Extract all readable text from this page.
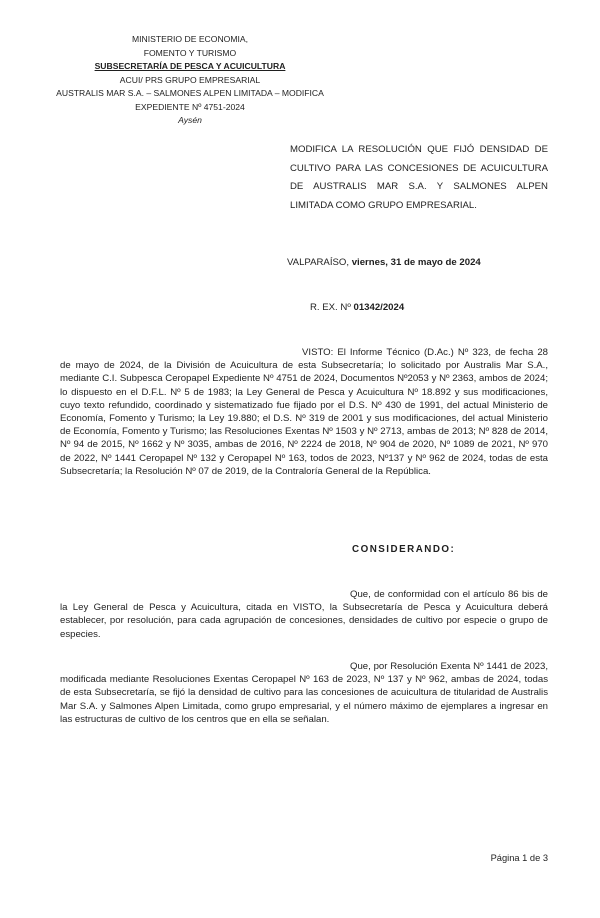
MINISTERIO DE ECONOMIA,
FOMENTO Y TURISMO
SUBSECRETARÍA DE PESCA Y ACUICULTURA
ACUI/ PRS GRUPO EMPRESARIAL
AUSTRALIS MAR S.A. – SALMONES ALPEN LIMITADA – MODIFICA
EXPEDIENTE Nº 4751-2024
Aysén

MODIFICA LA RESOLUCIÓN QUE FIJÓ DENSIDAD DE CULTIVO PARA LAS CONCESIONES DE ACUICULTURA DE AUSTRALIS MAR S.A. Y SALMONES ALPEN LIMITADA COMO GRUPO EMPRESARIAL.

VALPARAÍSO, viernes, 31 de mayo de 2024

R. EX. Nº 01342/2024

VISTO: El Informe Técnico (D.Ac.) Nº 323, de fecha 28 de mayo de 2024, de la División de Acuicultura de esta Subsecretaría; lo solicitado por Australis Mar S.A., mediante C.I. Subpesca Ceropapel Expediente Nº 4751 de 2024, Documentos Nº2053 y Nº 2363, ambos de 2024; lo dispuesto en el D.F.L. Nº 5 de 1983; la Ley General de Pesca y Acuicultura Nº 18.892 y sus modificaciones, cuyo texto refundido, coordinado y sistematizado fue fijado por el D.S. Nº 430 de 1991, del actual Ministerio de Economía, Fomento y Turismo; la Ley 19.880; el D.S. Nº 319 de 2001 y sus modificaciones, del actual Ministerio de Economía, Fomento y Turismo; las Resoluciones Exentas Nº 1503 y Nº 2713, ambas de 2013; Nº 828 de 2014, Nº 94 de 2015, Nº 1662 y Nº 3035, ambas de 2016, Nº 2224 de 2018, Nº 904 de 2020, Nº 1089 de 2021, Nº 970 de 2022, Nº 1441 Ceropapel Nº 132 y Ceropapel Nº 163, todos de 2023, Nº137 y Nº 962 de 2024, todas de esta Subsecretaría; la Resolución Nº 07 de 2019, de la Contraloría General de la República.

CONSIDERANDO:

Que, de conformidad con el artículo 86 bis de la Ley General de Pesca y Acuicultura, citada en VISTO, la Subsecretaría de Pesca y Acuicultura deberá establecer, por resolución, para cada agrupación de concesiones, densidades de cultivo por especie o grupo de especies.

Que, por Resolución Exenta Nº 1441 de 2023, modificada mediante Resoluciones Exentas Ceropapel Nº 163 de 2023, Nº 137 y Nº 962, ambas de 2024, todas de esta Subsecretaría, se fijó la densidad de cultivo para las concesiones de acuicultura de titularidad de Australis Mar S.A. y Salmones Alpen Limitada, como grupo empresarial, y el número máximo de ejemplares a ingresar en las estructuras de cultivo de los centros que en ella se señalan.

Página 1 de 3
